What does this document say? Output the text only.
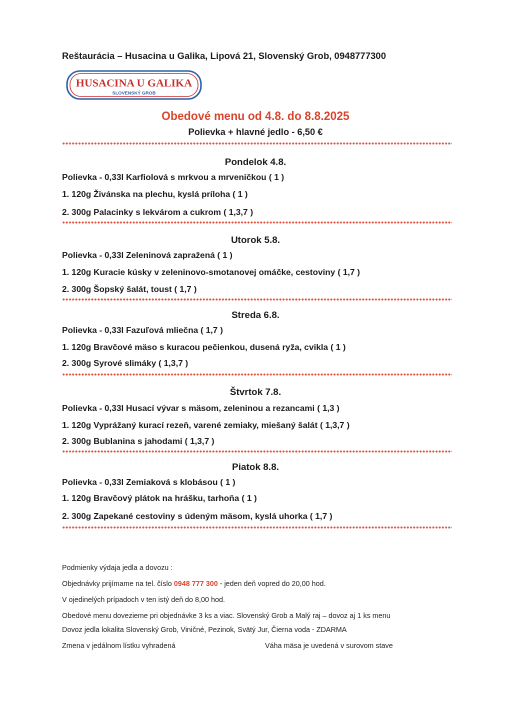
Reštaurácia – Husacina u Galika, Lipová 21, Slovenský Grob, 0948777300
HUSACINA U GALIKA
SLOVENSKÝ GROB
Obedové menu od 4.8. do 8.8.2025
Polievka + hlavné jedlo - 6,50 €
Pondelok 4.8.
Polievka - 0,33l Karfiolová s mrkvou a mrveničkou ( 1 )
1. 120g Živánska na plechu, kyslá príloha ( 1 )
2. 300g Palacinky s lekvárom a cukrom ( 1,3,7 )
Utorok 5.8.
Polievka - 0,33l Zeleninová zapražená ( 1 )
1. 120g Kuracie kúsky v zeleninovo-smotanovej omáčke, cestoviny ( 1,7 )
2. 300g Šopský šalát, toust ( 1,7 )
Streda 6.8.
Polievka - 0,33l Fazuľová mliečna ( 1,7 )
1. 120g Bravčové mäso s kuracou pečienkou, dusená ryža, cvikla ( 1 )
2. 300g Syrové slimáky ( 1,3,7 )
Štvrtok 7.8.
Polievka - 0,33l Husací vývar s mäsom, zeleninou a rezancami ( 1,3 )
1. 120g Vyprážaný kurací rezeň, varené zemiaky, miešaný šalát ( 1,3,7 )
2. 300g Bublanina s jahodami ( 1,3,7 )
Piatok 8.8.
Polievka - 0,33l Zemiaková s klobásou ( 1 )
1. 120g Bravčový plátok na hrášku, tarhoňa ( 1 )
2. 300g Zapekané cestoviny s údeným mäsom, kyslá uhorka ( 1,7 )
Podmienky výdaja jedla a dovozu :
Objednávky prijímame na tel. číslo 0948 777 300 - jeden deň vopred do 20,00 hod.
V ojedinelých prípadoch v ten istý deň do 8,00 hod.
Obedové menu dovezieme pri objednávke 3 ks a viac. Slovenský Grob a Malý raj – dovoz aj 1 ks menu
Dovoz jedla lokalita Slovenský Grob, Viničné, Pezinok, Svätý Jur, Čierna voda - ZDARMA
Zmena v jedálnom lístku vyhradená	Váha mäsa je uvedená v surovom stave
